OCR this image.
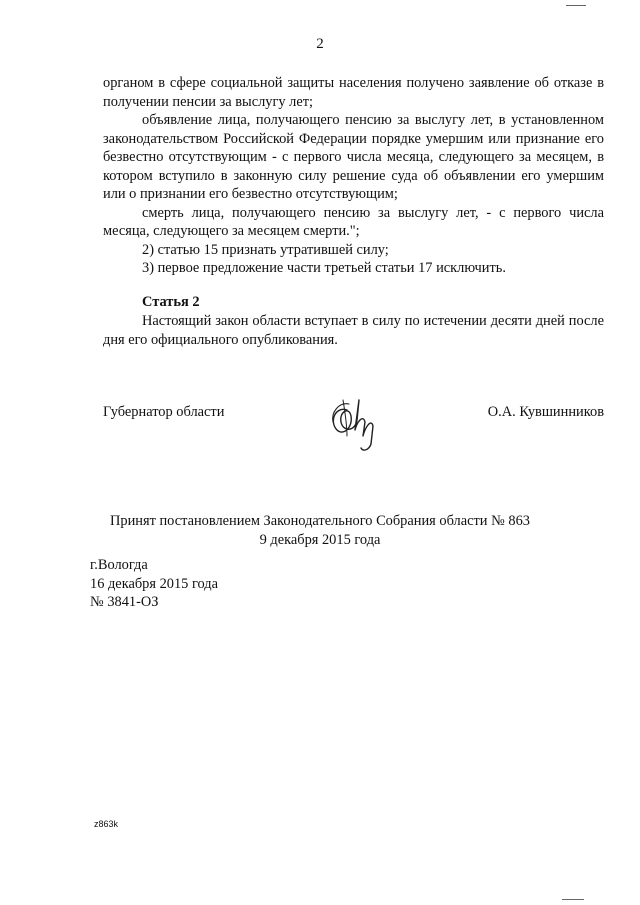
2

органом в сфере социальной защиты населения получено заявление об отказе в получении пенсии за выслугу лет;

объявление лица, получающего пенсию за выслугу лет, в установленном законодательством Российской Федерации порядке умершим или признание его безвестно отсутствующим - с первого числа месяца, следующего за месяцем, в котором вступило в законную силу решение суда об объявлении его умершим или о признании его безвестно отсутствующим;

смерть лица, получающего пенсию за выслугу лет, - с первого числа месяца, следующего за месяцем смерти.";

2) статью 15 признать утратившей силу;

3) первое предложение части третьей статьи 17 исключить.

Статья 2

Настоящий закон области вступает в силу по истечении десяти дней после дня его официального опубликования.

Губернатор области	О.А. Кувшинников
Принят постановлением Законодательного Собрания области № 863
9 декабря 2015 года
г.Вологда
16 декабря 2015 года
№ 3841-ОЗ
z863k
